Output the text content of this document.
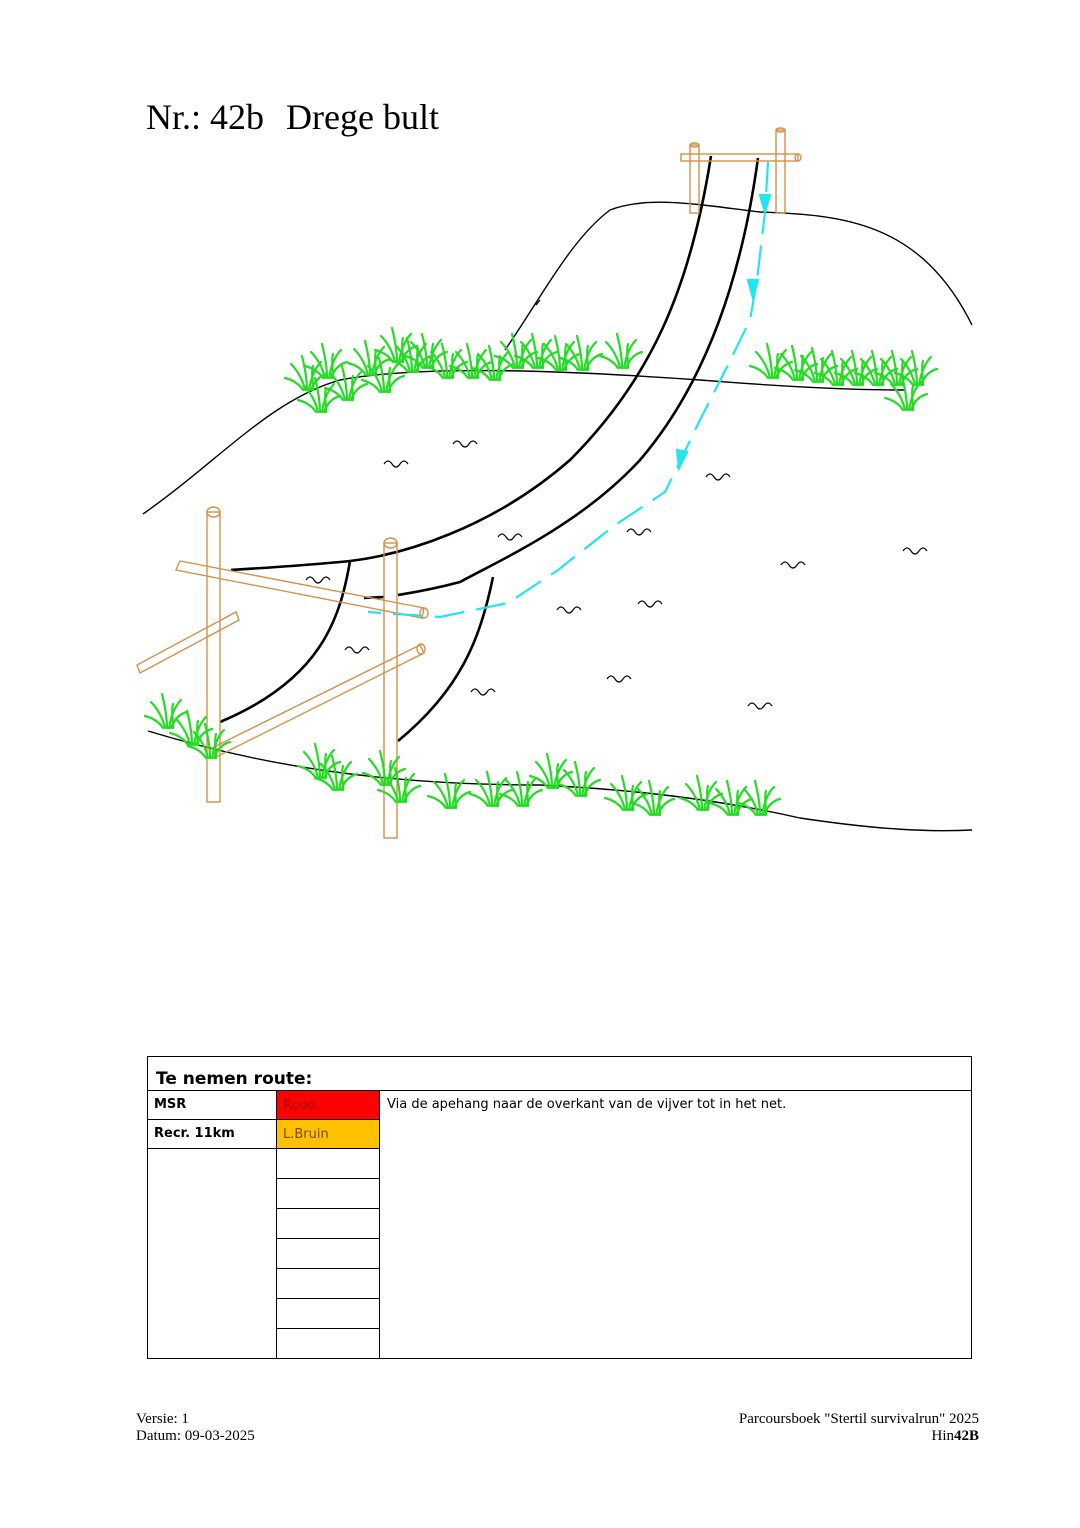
Nr.: 42b Drege bult
Te nemen route:		
MSR	Rood	Via de apehang naar de overkant van de vijver tot in het net.
Recr. 11km	L.Bruin	

Versie: 1
Datum: 09-03-2025
Parcoursboek "Stertil survivalrun" 2025
Hin42B
